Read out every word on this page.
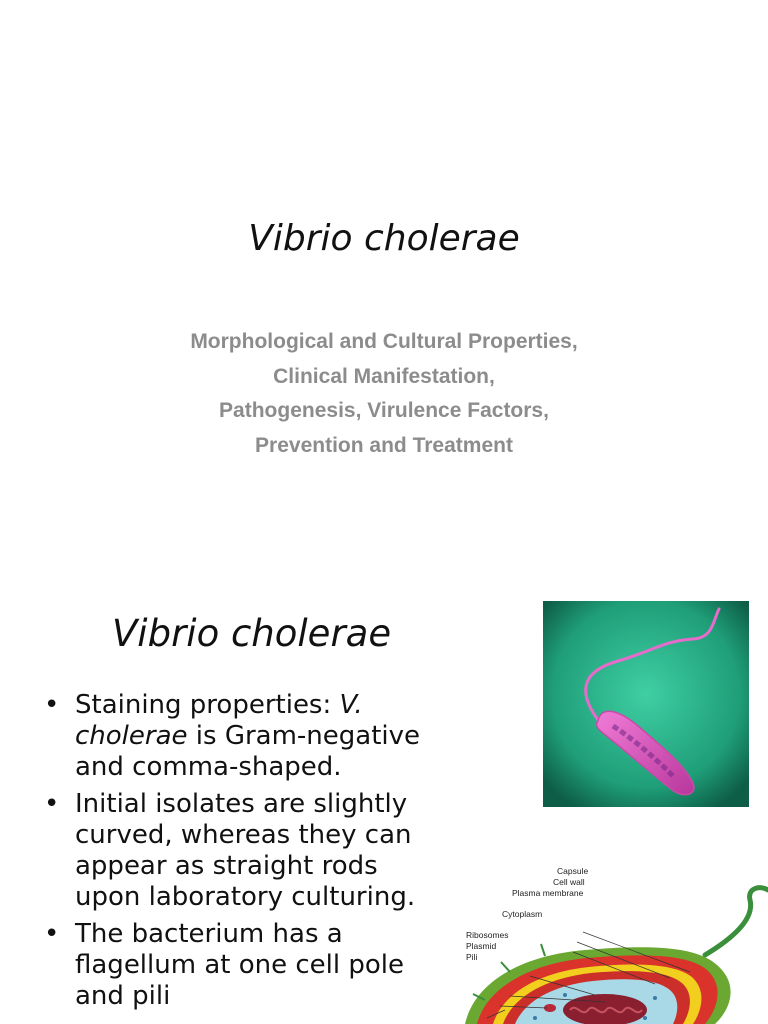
Vibrio cholerae
Morphological and Cultural Properties,
Clinical Manifestation,
Pathogenesis, Virulence Factors,
Prevention and Treatment
Vibrio cholerae
• Staining properties: V. cholerae is Gram-negative and comma-shaped.
• Initial isolates are slightly curved, whereas they can appear as straight rods upon laboratory culturing.
• The bacterium has a flagellum at one cell pole and pili
Capsule
Cell wall
Plasma membrane
Cytoplasm
Ribosomes
Plasmid
Pili
